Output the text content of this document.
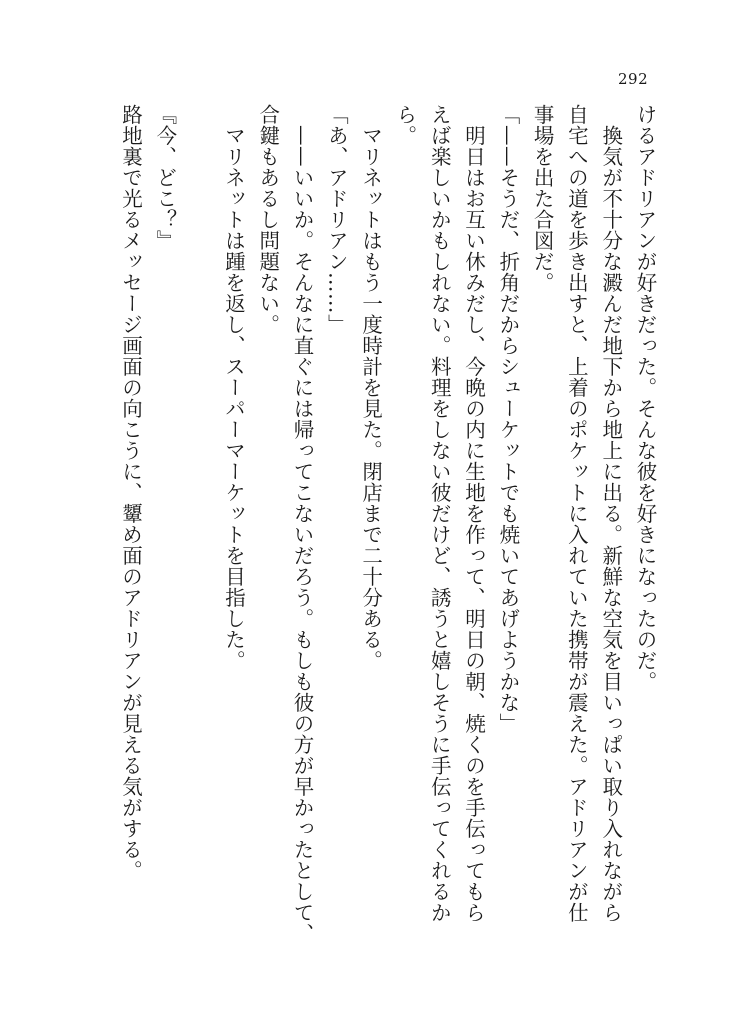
292
けるアドリアンが好きだった。そんな彼を好きになったのだ。
　換気が不十分な澱んだ地下から地上に出る。新鮮な空気を目いっぱい取り入れながら
自宅への道を歩き出すと、上着のポケットに入れていた携帯が震えた。アドリアンが仕
事場を出た合図だ。
「——そうだ、折角だからシューケットでも焼いてあげようかな」
　明日はお互い休みだし、今晩の内に生地を作って、明日の朝、焼くのを手伝ってもら
えば楽しいかもしれない。料理をしない彼だけど、誘うと嬉しそうに手伝ってくれるか
ら。
　マリネットはもう一度時計を見た。閉店まで二十分ある。
「あ、アドリアン……」
　——いいか。そんなに直ぐには帰ってこないだろう。もしも彼の方が早かったとして、
合鍵もあるし問題ない。
　マリネットは踵を返し、スーパーマーケットを目指した。
『今、どこ？』
路地裏で光るメッセージ画面の向こうに、顰め面のアドリアンが見える気がする。
